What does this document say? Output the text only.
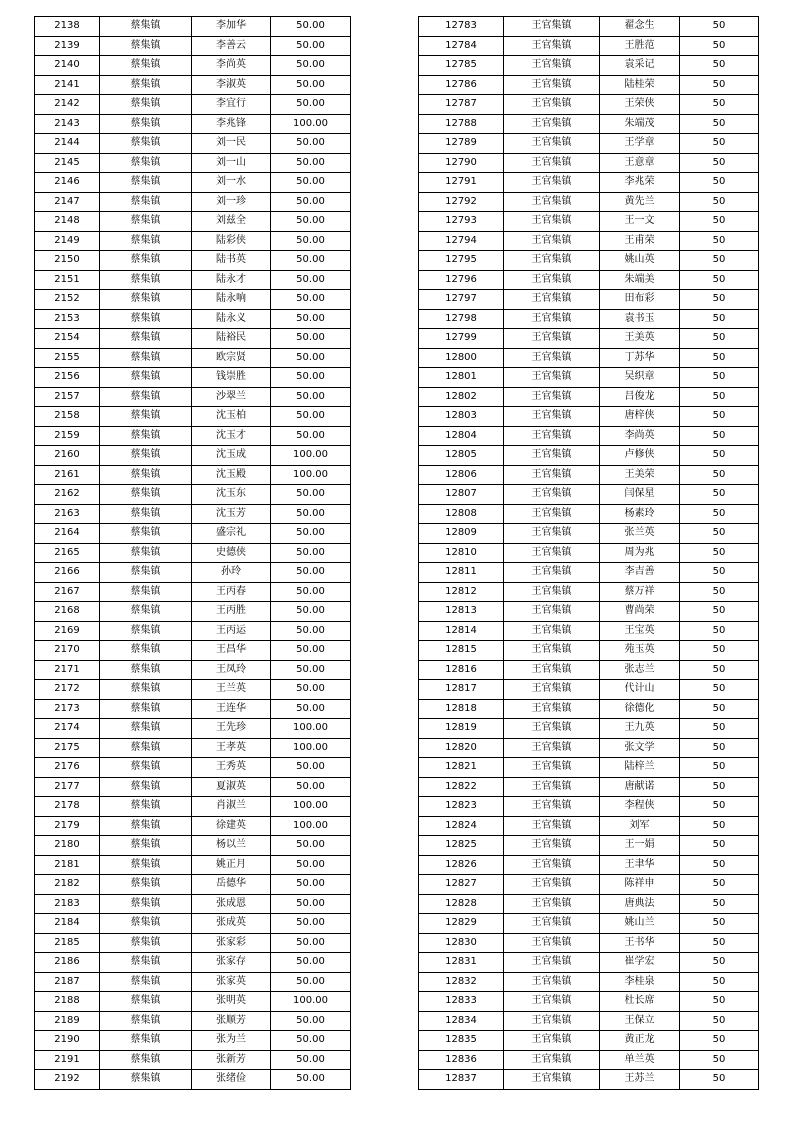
2138	蔡集镇	李加华	50.00
2139	蔡集镇	李善云	50.00
2140	蔡集镇	李尚英	50.00
2141	蔡集镇	李淑英	50.00
2142	蔡集镇	李宜行	50.00
2143	蔡集镇	李兆锋	100.00
2144	蔡集镇	刘一民	50.00
2145	蔡集镇	刘一山	50.00
2146	蔡集镇	刘一水	50.00
2147	蔡集镇	刘一珍	50.00
2148	蔡集镇	刘兹全	50.00
2149	蔡集镇	陆彩侠	50.00
2150	蔡集镇	陆书英	50.00
2151	蔡集镇	陆永才	50.00
2152	蔡集镇	陆永响	50.00
2153	蔡集镇	陆永义	50.00
2154	蔡集镇	陆裕民	50.00
2155	蔡集镇	欧宗贤	50.00
2156	蔡集镇	钱崇胜	50.00
2157	蔡集镇	沙翠兰	50.00
2158	蔡集镇	沈玉柏	50.00
2159	蔡集镇	沈玉才	50.00
2160	蔡集镇	沈玉成	100.00
2161	蔡集镇	沈玉殿	100.00
2162	蔡集镇	沈玉东	50.00
2163	蔡集镇	沈玉芳	50.00
2164	蔡集镇	盛宗礼	50.00
2165	蔡集镇	史德侠	50.00
2166	蔡集镇	孙玲	50.00
2167	蔡集镇	王丙春	50.00
2168	蔡集镇	王丙胜	50.00
2169	蔡集镇	王丙运	50.00
2170	蔡集镇	王昌华	50.00
2171	蔡集镇	王凤玲	50.00
2172	蔡集镇	王兰英	50.00
2173	蔡集镇	王连华	50.00
2174	蔡集镇	王先珍	100.00
2175	蔡集镇	王孝英	100.00
2176	蔡集镇	王秀英	50.00
2177	蔡集镇	夏淑英	50.00
2178	蔡集镇	肖淑兰	100.00
2179	蔡集镇	徐建英	100.00
2180	蔡集镇	杨以兰	50.00
2181	蔡集镇	姚正月	50.00
2182	蔡集镇	岳德华	50.00
2183	蔡集镇	张成恩	50.00
2184	蔡集镇	张成英	50.00
2185	蔡集镇	张家彩	50.00
2186	蔡集镇	张家存	50.00
2187	蔡集镇	张家英	50.00
2188	蔡集镇	张明英	100.00
2189	蔡集镇	张顺芳	50.00
2190	蔡集镇	张为兰	50.00
2191	蔡集镇	张新芳	50.00
2192	蔡集镇	张绪俭	50.00
12783	王官集镇	翟念生	50
12784	王官集镇	王胜范	50
12785	王官集镇	袁采记	50
12786	王官集镇	陆桂荣	50
12787	王官集镇	王荣侠	50
12788	王官集镇	朱端茂	50
12789	王官集镇	王学章	50
12790	王官集镇	王意章	50
12791	王官集镇	李兆荣	50
12792	王官集镇	黄先兰	50
12793	王官集镇	王一文	50
12794	王官集镇	王甫荣	50
12795	王官集镇	姚山英	50
12796	王官集镇	朱端美	50
12797	王官集镇	田布彩	50
12798	王官集镇	袁书玉	50
12799	王官集镇	王美英	50
12800	王官集镇	丁苏华	50
12801	王官集镇	吴织章	50
12802	王官集镇	吕俊龙	50
12803	王官集镇	唐梓侠	50
12804	王官集镇	李尚英	50
12805	王官集镇	卢修侠	50
12806	王官集镇	王美荣	50
12807	王官集镇	闫保星	50
12808	王官集镇	杨素玲	50
12809	王官集镇	张兰英	50
12810	王官集镇	周为兆	50
12811	王官集镇	李吉善	50
12812	王官集镇	蔡万祥	50
12813	王官集镇	曹尚荣	50
12814	王官集镇	王宝英	50
12815	王官集镇	苑玉英	50
12816	王官集镇	张志兰	50
12817	王官集镇	代计山	50
12818	王官集镇	徐德化	50
12819	王官集镇	王九英	50
12820	王官集镇	张文学	50
12821	王官集镇	陆梓兰	50
12822	王官集镇	唐献诺	50
12823	王官集镇	李程侠	50
12824	王官集镇	刘军	50
12825	王官集镇	王一娟	50
12826	王官集镇	王聿华	50
12827	王官集镇	陈祥申	50
12828	王官集镇	唐典法	50
12829	王官集镇	姚山兰	50
12830	王官集镇	王书华	50
12831	王官集镇	崔学宏	50
12832	王官集镇	李桂泉	50
12833	王官集镇	杜长席	50
12834	王官集镇	王保立	50
12835	王官集镇	黄正龙	50
12836	王官集镇	单兰英	50
12837	王官集镇	王苏兰	50
